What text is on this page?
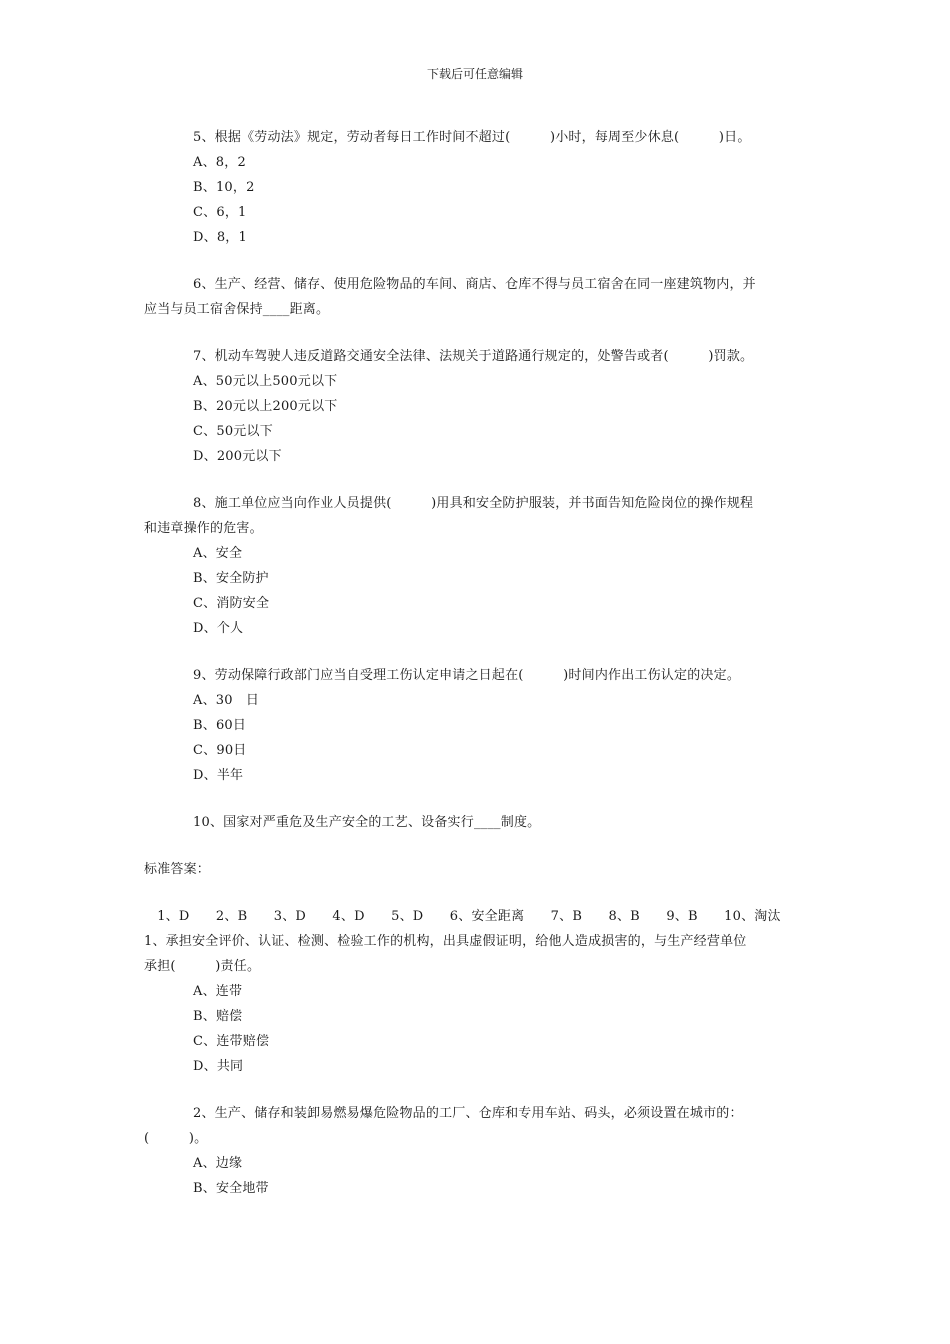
下载后可任意编辑
5、根据《劳动法》规定，劳动者每日工作时间不超过(　　　)小时，每周至少休息(　　　)日。
A、8，2
B、10，2
C、6，1
D、8，1
6、生产、经营、储存、使用危险物品的车间、商店、仓库不得与员工宿舍在同一座建筑物内，并
应当与员工宿舍保持____距离。
7、机动车驾驶人违反道路交通安全法律、法规关于道路通行规定的，处警告或者(　　　)罚款。
A、50元以上500元以下
B、20元以上200元以下
C、50元以下
D、200元以下
8、施工单位应当向作业人员提供(　　　)用具和安全防护服装，并书面告知危险岗位的操作规程
和违章操作的危害。
A、安全
B、安全防护
C、消防安全
D、个人
9、劳动保障行政部门应当自受理工伤认定申请之日起在(　　　)时间内作出工伤认定的决定。
A、30　日
B、60日
C、90日
D、半年
10、国家对严重危及生产安全的工艺、设备实行____制度。
标准答案：
　1、D　　2、B　　3、D　　4、D　　5、D　　6、安全距离　　7、B　　8、B　　9、B　　10、淘汰
1、承担安全评价、认证、检测、检验工作的机构，出具虚假证明，给他人造成损害的，与生产经营单位
承担(　　　)责任。
A、连带
B、赔偿
C、连带赔偿
D、共同
2、生产、储存和装卸易燃易爆危险物品的工厂、仓库和专用车站、码头，必须设置在城市的：
(　　　)。
A、边缘
B、安全地带
